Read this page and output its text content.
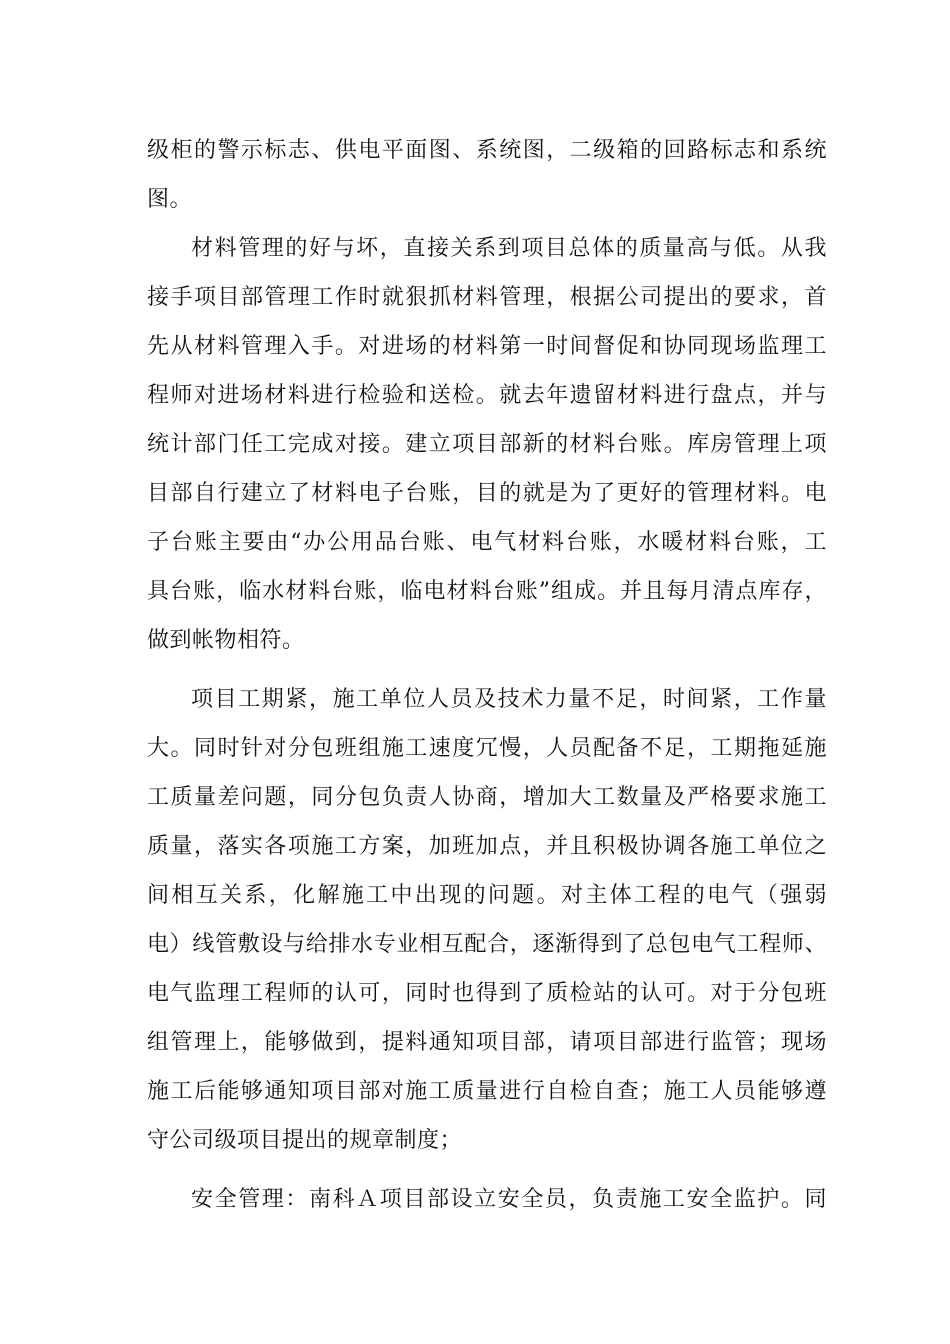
级柜的警示标志、供电平面图、系统图，二级箱的回路标志和系统
图。
材料管理的好与坏，直接关系到项目总体的质量高与低。从我
接手项目部管理工作时就狠抓材料管理，根据公司提出的要求，首
先从材料管理入手。对进场的材料第一时间督促和协同现场监理工
程师对进场材料进行检验和送检。就去年遗留材料进行盘点，并与
统计部门任工完成对接。建立项目部新的材料台账。库房管理上项
目部自行建立了材料电子台账，目的就是为了更好的管理材料。电
子台账主要由“办公用品台账、电气材料台账，水暖材料台账，工
具台账，临水材料台账，临电材料台账”组成。并且每月清点库存，
做到帐物相符。
项目工期紧，施工单位人员及技术力量不足，时间紧，工作量
大。同时针对分包班组施工速度冗慢，人员配备不足，工期拖延施
工质量差问题，同分包负责人协商，增加大工数量及严格要求施工
质量，落实各项施工方案，加班加点，并且积极协调各施工单位之
间相互关系，化解施工中出现的问题。对主体工程的电气（强弱
电）线管敷设与给排水专业相互配合，逐渐得到了总包电气工程师、
电气监理工程师的认可，同时也得到了质检站的认可。对于分包班
组管理上，能够做到，提料通知项目部，请项目部进行监管；现场
施工后能够通知项目部对施工质量进行自检自查；施工人员能够遵
守公司级项目提出的规章制度；
安全管理：南科Ａ项目部设立安全员，负责施工安全监护。同
